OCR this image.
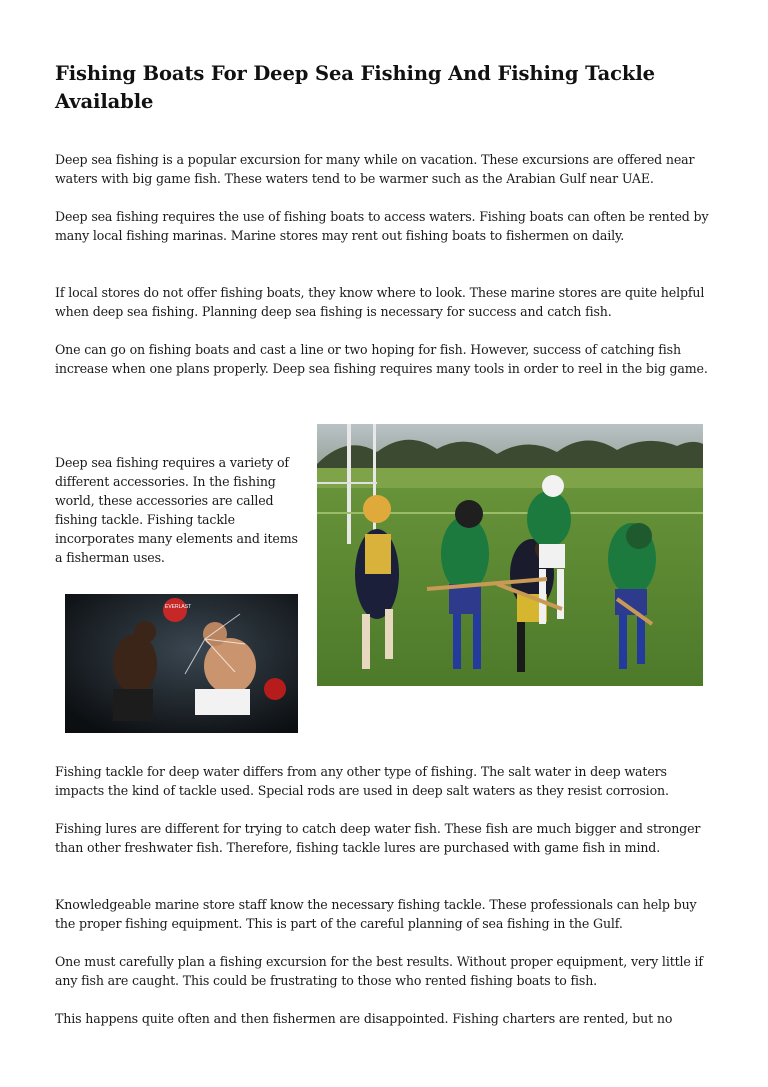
Fishing Boats For Deep Sea Fishing And Fishing Tackle Available

Deep sea fishing is a popular excursion for many while on vacation. These excursions are offered near waters with big game fish. These waters tend to be warmer such as the Arabian Gulf near UAE.

Deep sea fishing requires the use of fishing boats to access waters. Fishing boats can often be rented by many local fishing marinas. Marine stores may rent out fishing boats to fishermen on daily.

If local stores do not offer fishing boats, they know where to look. These marine stores are quite helpful when deep sea fishing. Planning deep sea fishing is necessary for success and catch fish.

One can go on fishing boats and cast a line or two hoping for fish. However, success of catching fish increase when one plans properly. Deep sea fishing requires many tools in order to reel in the big game.

Deep sea fishing requires a variety of different accessories. In the fishing world, these accessories are called fishing tackle. Fishing tackle incorporates many elements and items a fisherman uses.

Fishing tackle for deep water differs from any other type of fishing. The salt water in deep waters impacts the kind of tackle used. Special rods are used in deep salt waters as they resist corrosion.

Fishing lures are different for trying to catch deep water fish. These fish are much bigger and stronger than other freshwater fish. Therefore, fishing tackle lures are purchased with game fish in mind.

Knowledgeable marine store staff know the necessary fishing tackle. These professionals can help buy the proper fishing equipment. This is part of the careful planning of sea fishing in the Gulf.

One must carefully plan a fishing excursion for the best results. Without proper equipment, very little if any fish are caught. This could be frustrating to those who rented fishing boats to fish.

This happens quite often and then fishermen are disappointed. Fishing charters are rented, but no

EVERLAST
